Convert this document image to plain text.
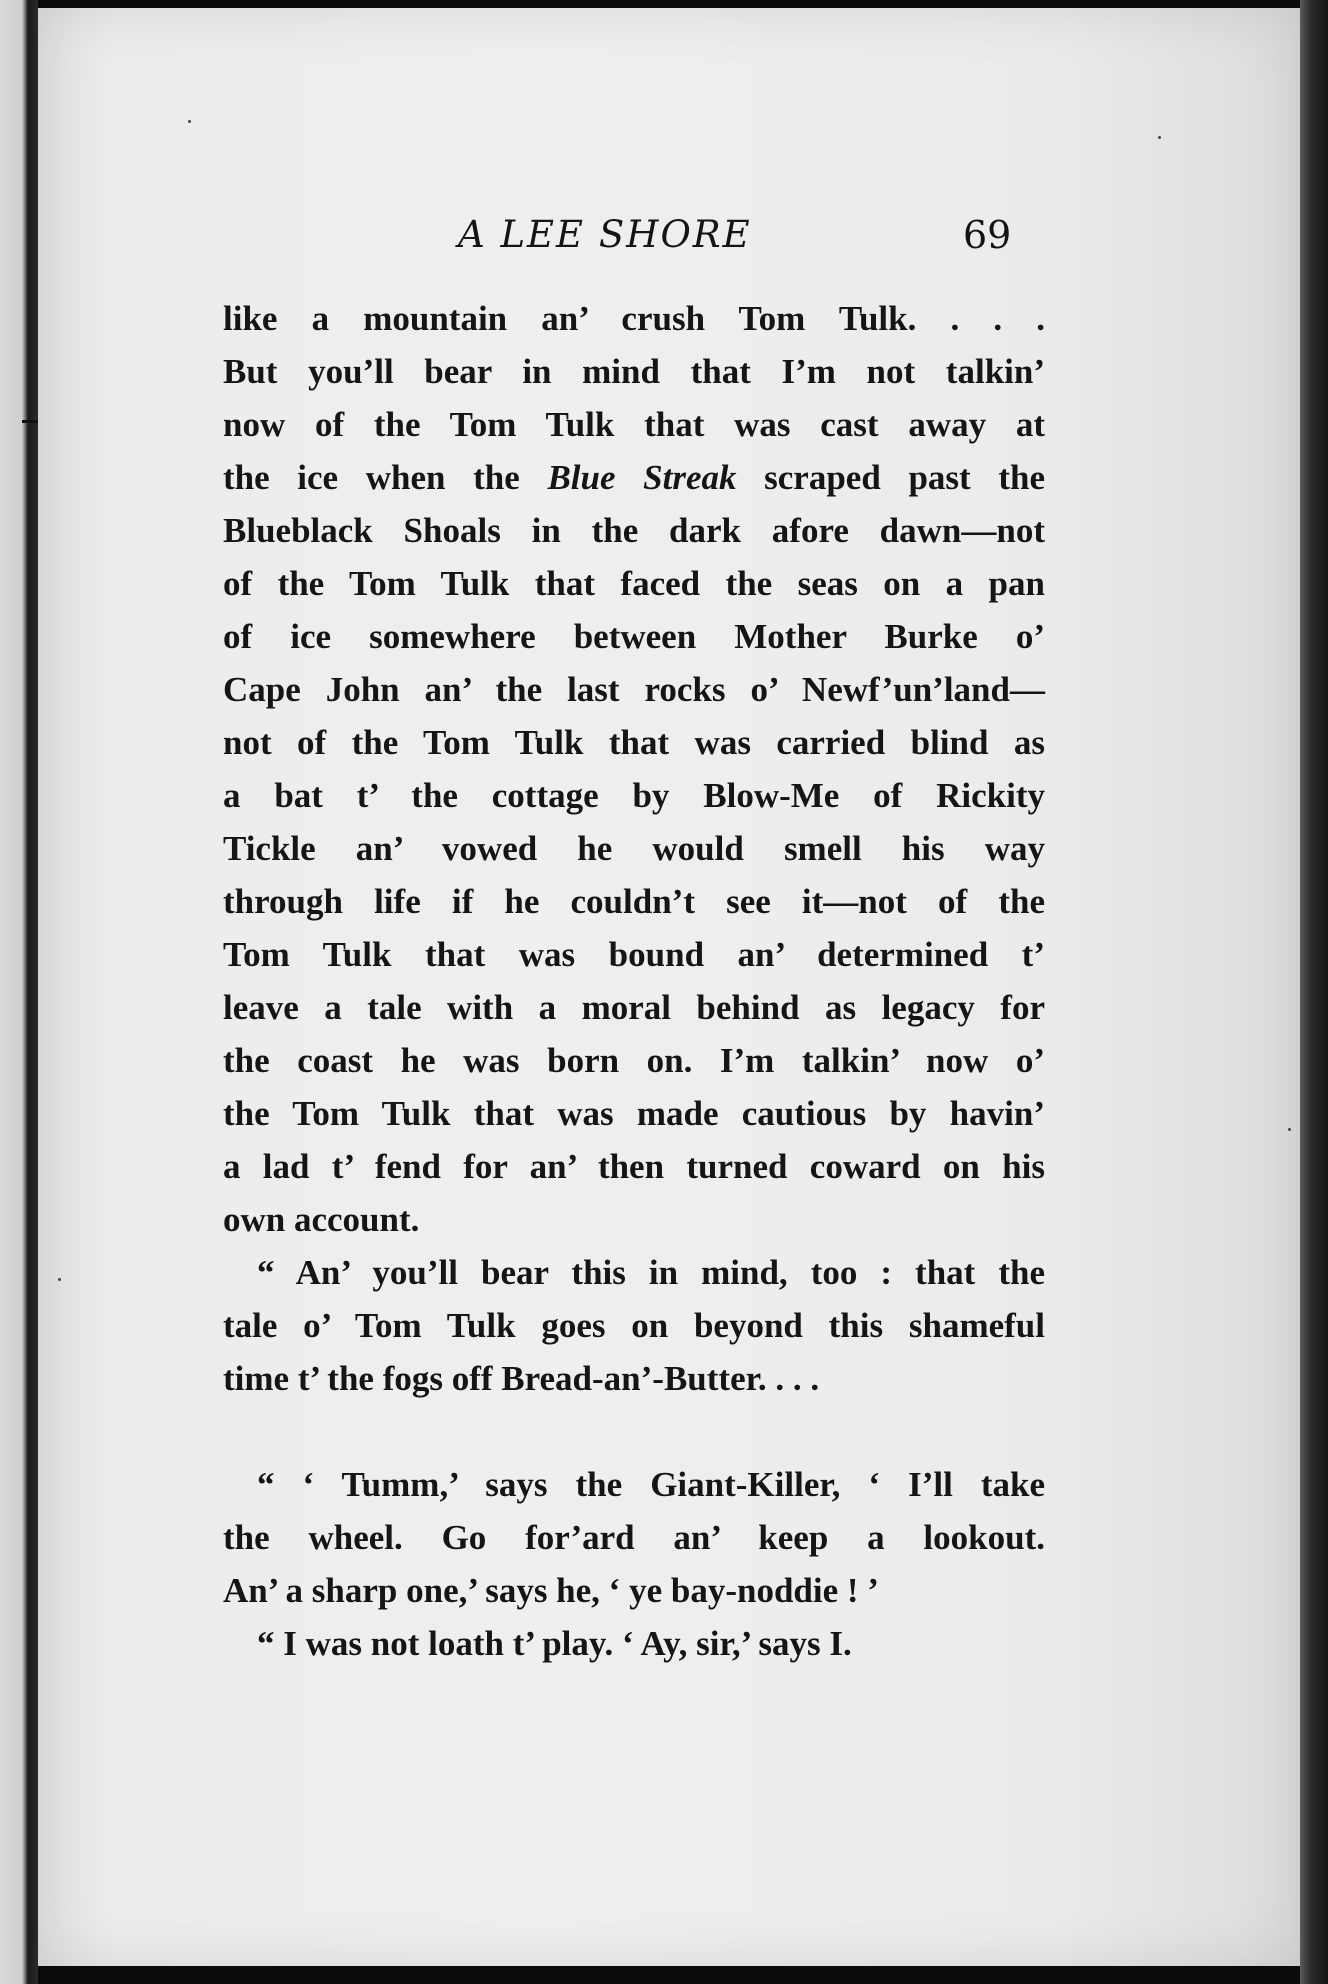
A LEE SHORE	69
like a mountain an’ crush Tom Tulk. . . .
But you’ll bear in mind that I’m not talkin’
now of the Tom Tulk that was cast away at
the ice when the Blue Streak scraped past the
Blueblack Shoals in the dark afore dawn—not
of the Tom Tulk that faced the seas on a pan
of ice somewhere between Mother Burke o’
Cape John an’ the last rocks o’ Newf’un’land—
not of the Tom Tulk that was carried blind as
a bat t’ the cottage by Blow-Me of Rickity
Tickle an’ vowed he would smell his way
through life if he couldn’t see it—not of the
Tom Tulk that was bound an’ determined t’
leave a tale with a moral behind as legacy for
the coast he was born on. I’m talkin’ now o’
the Tom Tulk that was made cautious by havin’
a lad t’ fend for an’ then turned coward on his
own account.
“ An’ you’ll bear this in mind, too : that the
tale o’ Tom Tulk goes on beyond this shameful
time t’ the fogs off Bread-an’-Butter. . . .
“ ‘ Tumm,’ says the Giant-Killer, ‘ I’ll take
the wheel. Go for’ard an’ keep a lookout.
An’ a sharp one,’ says he, ‘ ye bay-noddie ! ’
“ I was not loath t’ play. ‘ Ay, sir,’ says I.
